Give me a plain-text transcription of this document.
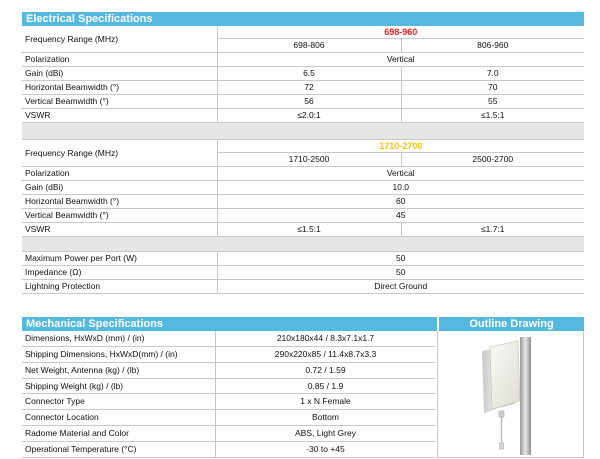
Electrical Specifications
Frequency Range (MHz)	698-960	
	698-806	806-960
Polarization	Vertical	
Gain (dBi)	6.5	7.0
Horizontal Beamwidth (°)	72	70
Vertical Beamwidth (°)	56	55
VSWR	≤2.0:1	≤1.5:1
Frequency Range (MHz)	1710-2700	
	1710-2500	2500-2700
Polarization	Vertical	
Gain (dBi)	10.0	
Horizontal Beamwidth (°)	60	
Vertical Beamwidth (°)	45	
VSWR	≤1.5:1	≤1.7:1
Maximum Power per Port (W)	50
Impedance (Ω)	50
Lightning Protection	Direct Ground
Mechanical Specifications	Outline Drawing
Dimensions, HxWxD (mm) / (in)	210x180x44 / 8.3x7.1x1.7
Shipping Dimensions, HxWxD(mm) / (in)	290x220x85 / 11.4x8.7x3.3
Net Weight, Antenna (kg) / (lb)	0.72 / 1.59
Shipping Weight (kg) / (lb)	0.85 / 1.9
Connector Type	1 x N Female
Connector Location	Bottom
Radome Material and Color	ABS, Light Grey
Operational Temperature (°C)	-30 to +45
